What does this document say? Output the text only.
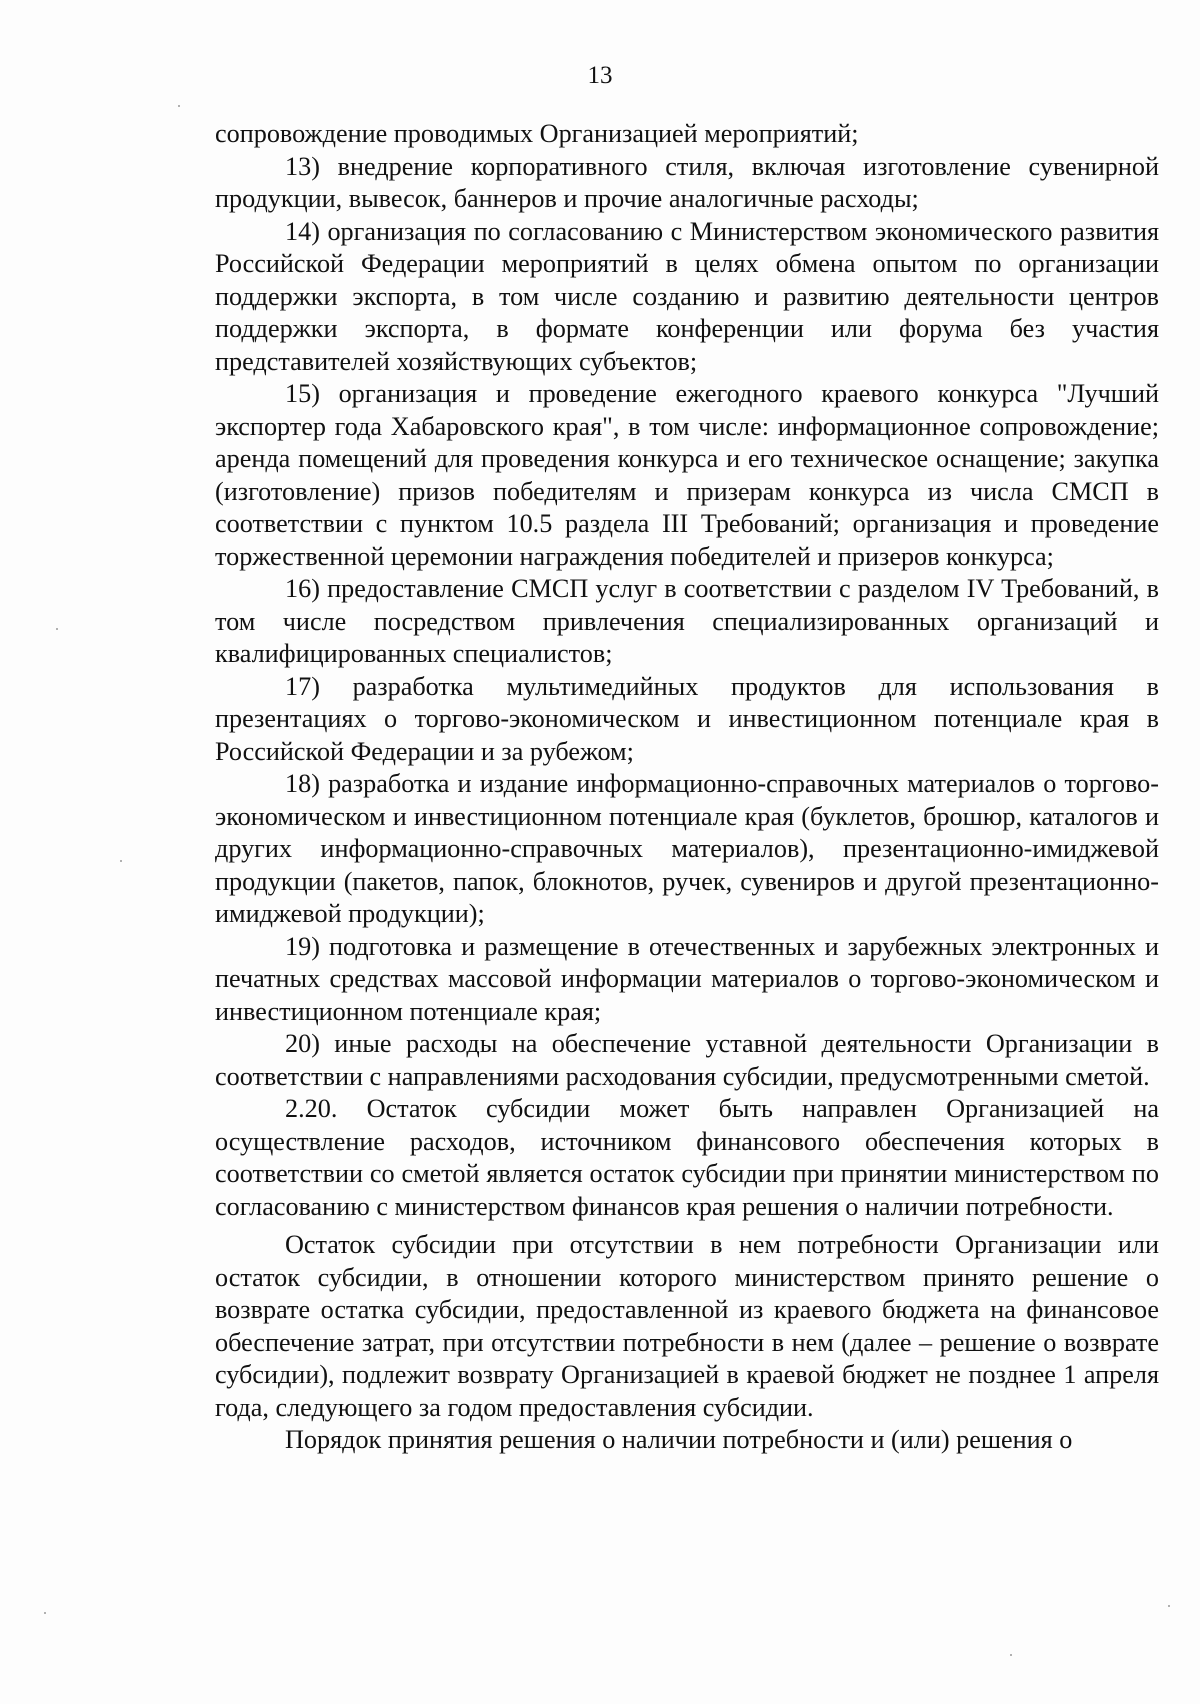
13

сопровождение проводимых Организацией мероприятий;

13) внедрение корпоративного стиля, включая изготовление сувенирной продукции, вывесок, баннеров и прочие аналогичные расходы;

14) организация по согласованию с Министерством экономического развития Российской Федерации мероприятий в целях обмена опытом по организации поддержки экспорта, в том числе созданию и развитию деятельности центров поддержки экспорта, в формате конференции или форума без участия представителей хозяйствующих субъектов;

15) организация и проведение ежегодного краевого конкурса "Лучший экспортер года Хабаровского края", в том числе: информационное сопровождение; аренда помещений для проведения конкурса и его техническое оснащение; закупка (изготовление) призов победителям и призерам конкурса из числа СМСП в соответствии с пунктом 10.5 раздела III Требований; организация и проведение торжественной церемонии награждения победителей и призеров конкурса;

16) предоставление СМСП услуг в соответствии с разделом IV Требований, в том числе посредством привлечения специализированных организаций и квалифицированных специалистов;

17) разработка мультимедийных продуктов для использования в презентациях о торгово-экономическом и инвестиционном потенциале края в Российской Федерации и за рубежом;

18) разработка и издание информационно-справочных материалов о торгово-экономическом и инвестиционном потенциале края (буклетов, брошюр, каталогов и других информационно-справочных материалов), презентационно-имиджевой продукции (пакетов, папок, блокнотов, ручек, сувениров и другой презентационно-имиджевой продукции);

19) подготовка и размещение в отечественных и зарубежных электронных и печатных средствах массовой информации материалов о торгово-экономическом и инвестиционном потенциале края;

20) иные расходы на обеспечение уставной деятельности Организации в соответствии с направлениями расходования субсидии, предусмотренными сметой.

2.20. Остаток субсидии может быть направлен Организацией на осуществление расходов, источником финансового обеспечения которых в соответствии со сметой является остаток субсидии при принятии министерством по согласованию с министерством финансов края решения о наличии потребности.

Остаток субсидии при отсутствии в нем потребности Организации или остаток субсидии, в отношении которого министерством принято решение о возврате остатка субсидии, предоставленной из краевого бюджета на финансовое обеспечение затрат, при отсутствии потребности в нем (далее – решение о возврате субсидии), подлежит возврату Организацией в краевой бюджет не позднее 1 апреля года, следующего за годом предоставления субсидии.

Порядок принятия решения о наличии потребности и (или) решения о
